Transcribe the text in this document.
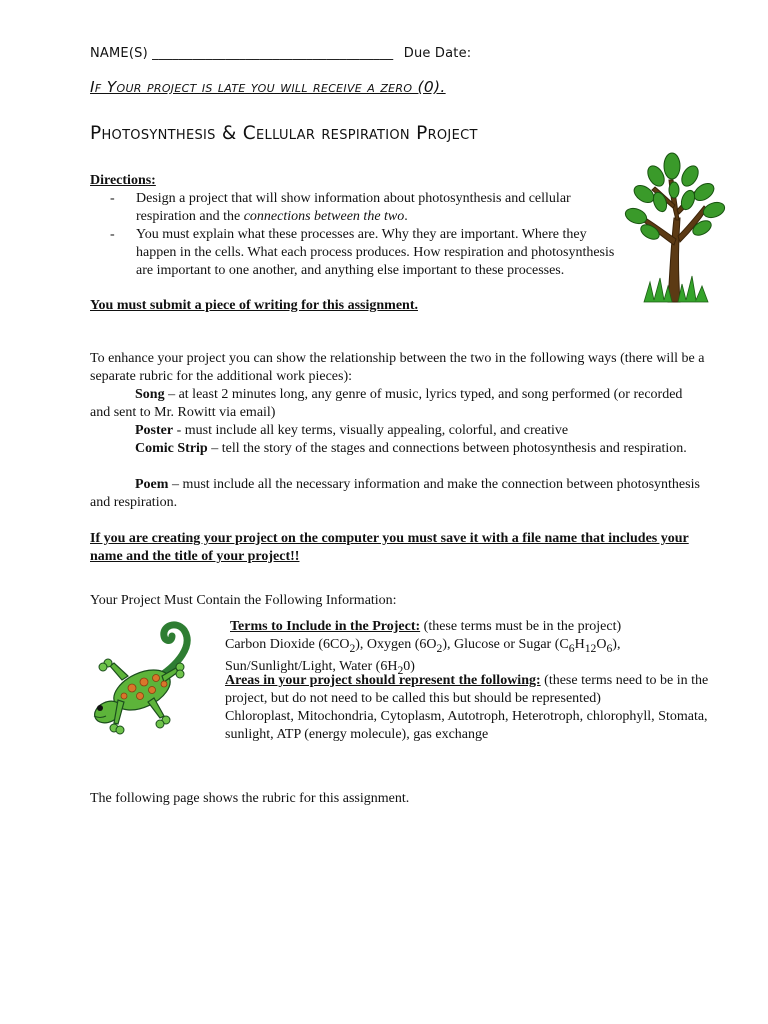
NAME(S) ____________________________________ Due Date:
If Your project is late you will receive a zero (0).
Photosynthesis & Cellular respiration Project
Directions:
- Design a project that will show information about photosynthesis and cellular respiration and the connections between the two.
- You must explain what these processes are. Why they are important. Where they happen in the cells. What each process produces. How respiration and photosynthesis are important to one another, and anything else important to these processes.
You must submit a piece of writing for this assignment.
To enhance your project you can show the relationship between the two in the following ways (there will be a separate rubric for the additional work pieces):
Song – at least 2 minutes long, any genre of music, lyrics typed, and song performed (or recorded and sent to Mr. Rowitt via email)
Poster - must include all key terms, visually appealing, colorful, and creative
Comic Strip – tell the story of the stages and connections between photosynthesis and respiration.
Poem – must include all the necessary information and make the connection between photosynthesis and respiration.
If you are creating your project on the computer you must save it with a file name that includes your name and the title of your project!!
Your Project Must Contain the Following Information:
Terms to Include in the Project: (these terms must be in the project)
Carbon Dioxide $(6CO_2)$, Oxygen $(6O_2)$, Glucose or Sugar $(C_6H_{12}O_6)$,
Sun/Sunlight/Light, Water $(6H_20)$
Areas in your project should represent the following: (these terms need to be in the project, but do not need to be called this but should be represented)
Chloroplast, Mitochondria, Cytoplasm, Autotroph, Heterotroph, chlorophyll, Stomata, sunlight, ATP (energy molecule), gas exchange
The following page shows the rubric for this assignment.
